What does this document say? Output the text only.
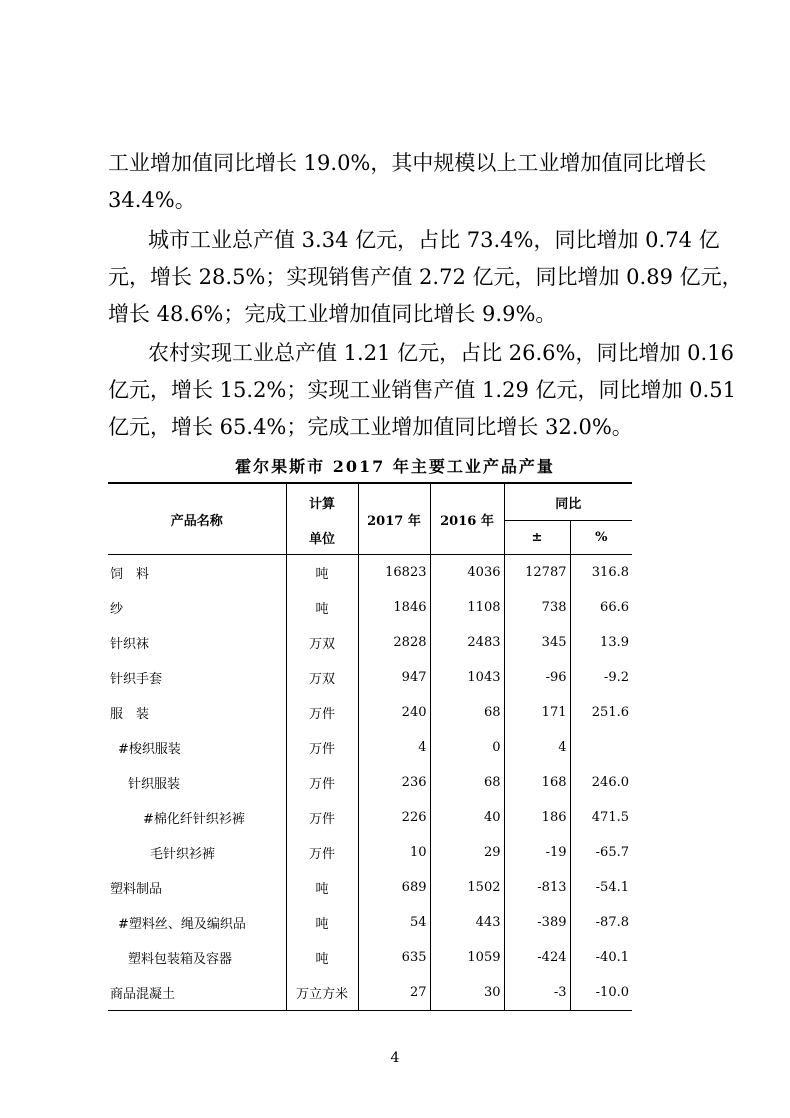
工业增加值同比增长 19.0%，其中规模以上工业增加值同比增长
34.4%。
城市工业总产值 3.34 亿元，占比 73.4%，同比增加 0.74 亿
元，增长 28.5%；实现销售产值 2.72 亿元，同比增加 0.89 亿元，
增长 48.6%；完成工业增加值同比增长 9.9%。
农村实现工业总产值 1.21 亿元，占比 26.6%，同比增加 0.16
亿元，增长 15.2%；实现工业销售产值 1.29 亿元，同比增加 0.51
亿元，增长 65.4%；完成工业增加值同比增长 32.0%。
霍尔果斯市 2017 年主要工业产品产量
产品名称	计算	2017 年	2016 年	同比	
	单位			±	%
饲　料	吨	16823	4036	12787	316.8
纱	吨	1846	1108	738	66.6
针织袜	万双	2828	2483	345	13.9
针织手套	万双	947	1043	-96	-9.2
服　装	万件	240	68	171	251.6
#梭织服装	万件	4	0	4	
针织服装	万件	236	68	168	246.0
#棉化纤针织衫裤	万件	226	40	186	471.5
毛针织衫裤	万件	10	29	-19	-65.7
塑料制品	吨	689	1502	-813	-54.1
#塑料丝、绳及编织品	吨	54	443	-389	-87.8
塑料包装箱及容器	吨	635	1059	-424	-40.1
商品混凝土	万立方米	27	30	-3	-10.0
4
